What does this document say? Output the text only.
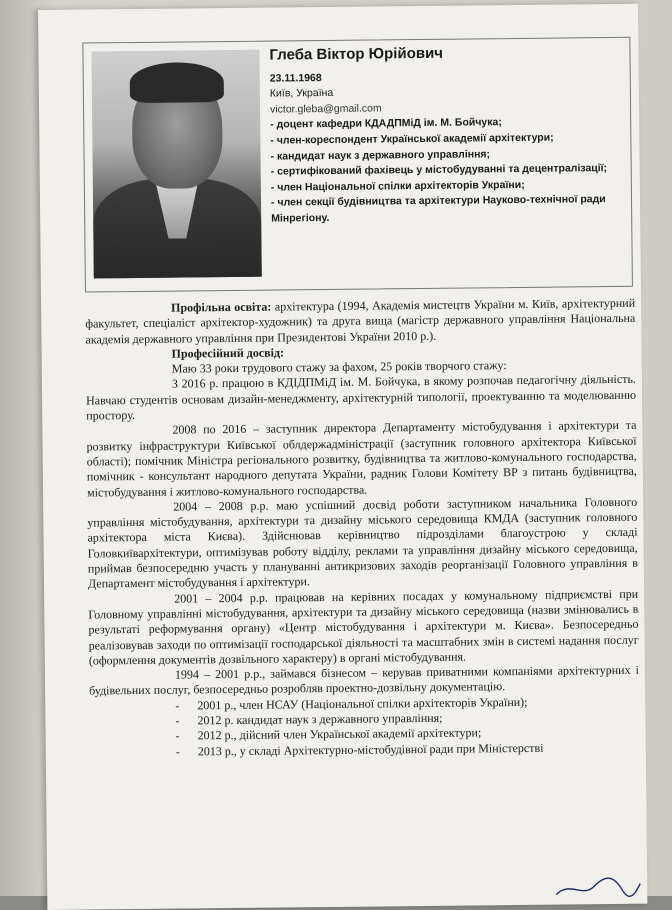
Глеба Віктор Юрійович
23.11.1968
Київ, Україна
victor.gleba@gmail.com
- доцент кафедри КДАДПМіД ім. М. Бойчука;
- член-кореспондент Української академії архітектури;
- кандидат наук з державного управління;
- сертифікований фахівець у містобудуванні та децентралізації;
- член Національної спілки архітекторів України;
- член секції будівництва та архітектури Науково-технічної ради Мінрегіону.

Профільна освіта: архітектура (1994, Академія мистецтв України м. Київ, архітектурний факультет, спеціаліст архітектор-художник) та друга вища (магістр державного управління Національна академія державного управління при Президентові України 2010 р.).

Професійний досвід:

Маю 33 роки трудового стажу за фахом, 25 років творчого стажу:

З 2016 р. працюю в КДІДПМіД ім. М. Бойчука, в якому розпочав педагогічну діяльність. Навчаю студентів основам дизайн-менеджменту, архітектурній типології, проектуванню та моделюванню простору.

2008 по 2016 – заступник директора Департаменту містобудування і архітектури та розвитку інфраструктури Київської облдержадміністрації (заступник головного архітектора Київської області); помічник Міністра регіонального розвитку, будівництва та житлово-комунального господарства, помічник - консультант народного депутата України, радник Голови Комітету ВР з питань будівництва, містобудування і житлово-комунального господарства.

2004 – 2008 р.р. маю успішний досвід роботи заступником начальника Головного управління містобудування, архітектури та дизайну міського середовища КМДА (заступник головного архітектора міста Києва). Здійснював керівництво підрозділами благоустрою у складі Головкиївархітектури, оптимізував роботу відділу, реклами та управління дизайну міського середовища, приймав безпосередню участь у плануванні антикризових заходів реорганізації Головного управління в Департамент містобудування і архітектури.

2001 – 2004 р.р. працював на керівних посадах у комунальному підприємстві при Головному управлінні містобудування, архітектури та дизайну міського середовища (назви змінювались в результаті реформування органу) «Центр містобудування і архітектури м. Києва». Безпосередньо реалізовував заходи по оптимізації господарської діяльності та масштабних змін в системі надання послуг (оформлення документів дозвільного характеру) в органі містобудування.

1994 – 2001 р.р., займався бізнесом – керував приватними компаніями архітектурних і будівельних послуг, безпосередньо розробляв проектно-дозвільну документацію.

- 2001 р., член НСАУ (Національної спілки архітекторів України);
- 2012 р. кандидат наук з державного управління;
- 2012 р., дійсний член Української академії архітектури;
- 2013 р., у складі Архітектурно-містобудівної ради при Міністерстві
